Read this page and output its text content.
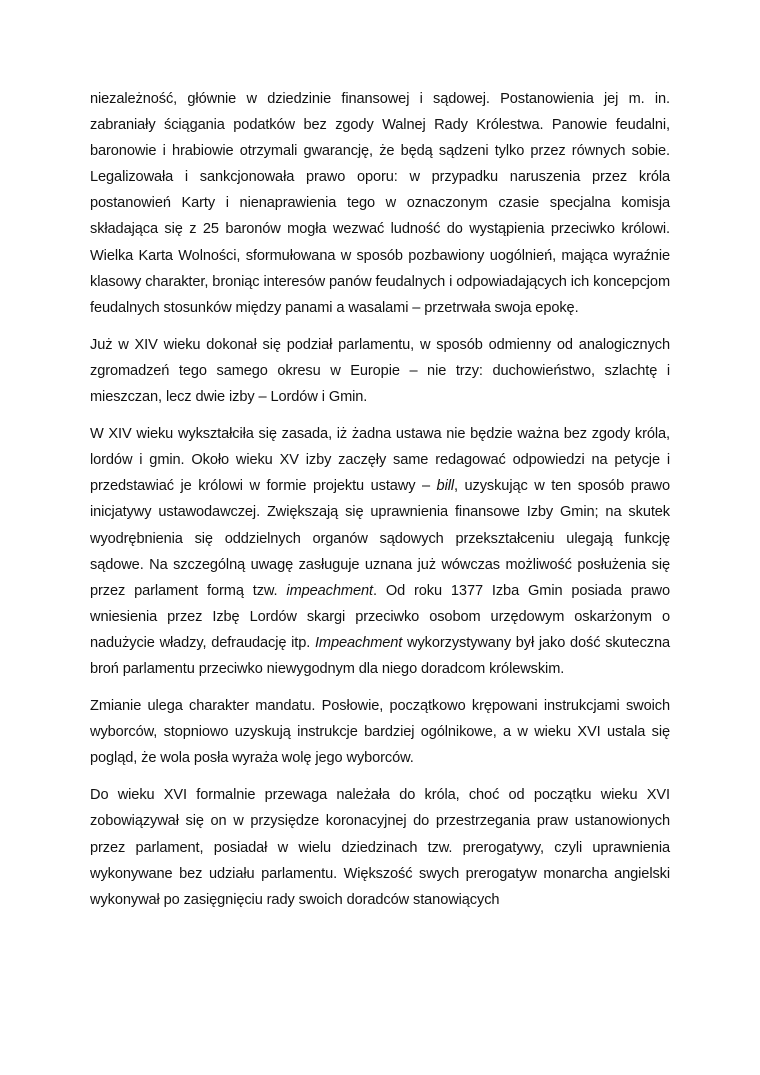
niezależność, głównie w dziedzinie finansowej i sądowej. Postanowienia jej m. in. zabraniały ściągania podatków bez zgody Walnej Rady Królestwa. Panowie feudalni, baronowie i hrabiowie otrzymali gwarancję, że będą sądzeni tylko przez równych sobie. Legalizowała i sankcjonowała prawo oporu: w przypadku naruszenia przez króla postanowień Karty i nienaprawienia tego w oznaczonym czasie specjalna komisja składająca się z 25 baronów mogła wezwać ludność do wystąpienia przeciwko królowi. Wielka Karta Wolności, sformułowana w sposób pozbawiony uogólnień, mająca wyraźnie klasowy charakter, broniąc interesów panów feudalnych i odpowiadających ich koncepcjom feudalnych stosunków między panami a wasalami – przetrwała swoja epokę.

Już w XIV wieku dokonał się podział parlamentu, w sposób odmienny od analogicznych zgromadzeń tego samego okresu w Europie – nie trzy: duchowieństwo, szlachtę i mieszczan, lecz dwie izby – Lordów i Gmin.

W XIV wieku wykształciła się zasada, iż żadna ustawa nie będzie ważna bez zgody króla, lordów i gmin. Około wieku XV izby zaczęły same redagować odpowiedzi na petycje i przedstawiać je królowi w formie projektu ustawy – bill, uzyskując w ten sposób prawo inicjatywy ustawodawczej. Zwiększają się uprawnienia finansowe Izby Gmin; na skutek wyodrębnienia się oddzielnych organów sądowych przekształceniu ulegają funkcję sądowe. Na szczególną uwagę zasługuje uznana już wówczas możliwość posłużenia się przez parlament formą tzw. impeachment. Od roku 1377 Izba Gmin posiada prawo wniesienia przez Izbę Lordów skargi przeciwko osobom urzędowym oskarżonym o nadużycie władzy, defraudację itp. Impeachment wykorzystywany był jako dość skuteczna broń parlamentu przeciwko niewygodnym dla niego doradcom królewskim.

Zmianie ulega charakter mandatu. Posłowie, początkowo krępowani instrukcjami swoich wyborców, stopniowo uzyskują instrukcje bardziej ogólnikowe, a w wieku XVI ustala się pogląd, że wola posła wyraża wolę jego wyborców.

Do wieku XVI formalnie przewaga należała do króla, choć od początku wieku XVI zobowiązywał się on w przysiędze koronacyjnej do przestrzegania praw ustanowionych przez parlament, posiadał w wielu dziedzinach tzw. prerogatywy, czyli uprawnienia wykonywane bez udziału parlamentu. Większość swych prerogatyw monarcha angielski wykonywał po zasięgnięciu rady swoich doradców stanowiących
